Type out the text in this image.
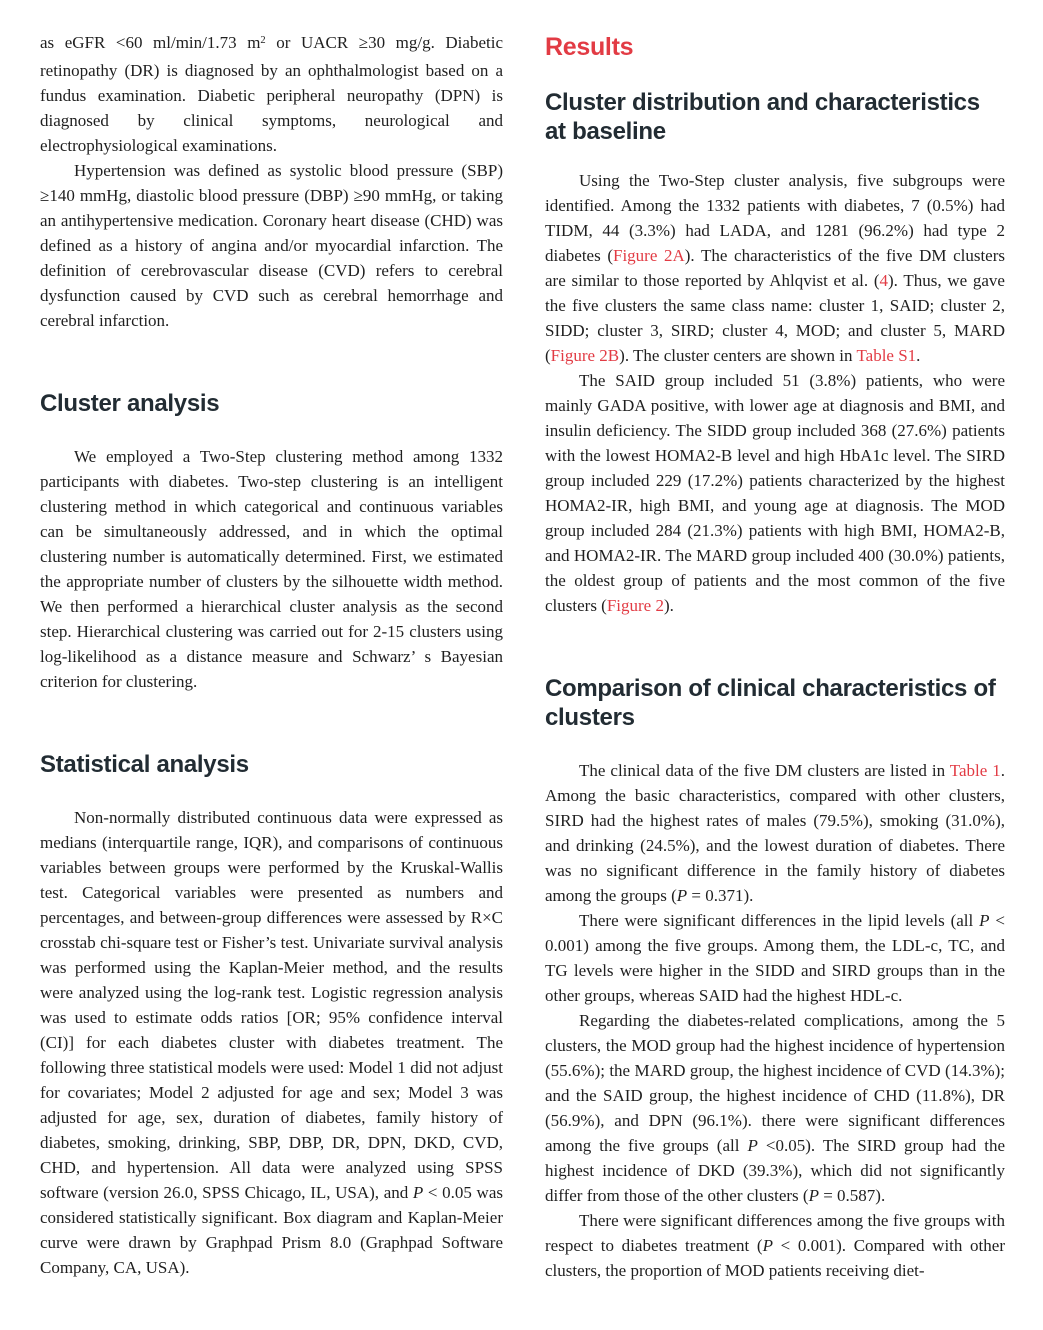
as eGFR <60 ml/min/1.73 $m^2$ or UACR ≥30 mg/g. Diabetic retinopathy (DR) is diagnosed by an ophthalmologist based on a fundus examination. Diabetic peripheral neuropathy (DPN) is diagnosed by clinical symptoms, neurological and electrophysiological examinations.

Hypertension was defined as systolic blood pressure (SBP) ≥140 mmHg, diastolic blood pressure (DBP) ≥90 mmHg, or taking an antihypertensive medication. Coronary heart disease (CHD) was defined as a history of angina and/or myocardial infarction. The definition of cerebrovascular disease (CVD) refers to cerebral dysfunction caused by CVD such as cerebral hemorrhage and cerebral infarction.

Cluster analysis

We employed a Two-Step clustering method among 1332 participants with diabetes. Two-step clustering is an intelligent clustering method in which categorical and continuous variables can be simultaneously addressed, and in which the optimal clustering number is automatically determined. First, we estimated the appropriate number of clusters by the silhouette width method. We then performed a hierarchical cluster analysis as the second step. Hierarchical clustering was carried out for 2-15 clusters using log-likelihood as a distance measure and Schwarz’ s Bayesian criterion for clustering.

Statistical analysis

Non-normally distributed continuous data were expressed as medians (interquartile range, IQR), and comparisons of continuous variables between groups were performed by the Kruskal-Wallis test. Categorical variables were presented as numbers and percentages, and between-group differences were assessed by R×C crosstab chi-square test or Fisher’s test. Univariate survival analysis was performed using the Kaplan-Meier method, and the results were analyzed using the log-rank test. Logistic regression analysis was used to estimate odds ratios [OR; 95% confidence interval (CI)] for each diabetes cluster with diabetes treatment. The following three statistical models were used: Model 1 did not adjust for covariates; Model 2 adjusted for age and sex; Model 3 was adjusted for age, sex, duration of diabetes, family history of diabetes, smoking, drinking, SBP, DBP, DR, DPN, DKD, CVD, CHD, and hypertension. All data were analyzed using SPSS software (version 26.0, SPSS Chicago, IL, USA), and P < 0.05 was considered statistically significant. Box diagram and Kaplan-Meier curve were drawn by Graphpad Prism 8.0 (Graphpad Software Company, CA, USA).

Results
Cluster distribution and characteristics at baseline

Using the Two-Step cluster analysis, five subgroups were identified. Among the 1332 patients with diabetes, 7 (0.5%) had TIDM, 44 (3.3%) had LADA, and 1281 (96.2%) had type 2 diabetes (Figure 2A). The characteristics of the five DM clusters are similar to those reported by Ahlqvist et al. (4). Thus, we gave the five clusters the same class name: cluster 1, SAID; cluster 2, SIDD; cluster 3, SIRD; cluster 4, MOD; and cluster 5, MARD (Figure 2B). The cluster centers are shown in Table S1.

The SAID group included 51 (3.8%) patients, who were mainly GADA positive, with lower age at diagnosis and BMI, and insulin deficiency. The SIDD group included 368 (27.6%) patients with the lowest HOMA2-B level and high HbA1c level. The SIRD group included 229 (17.2%) patients characterized by the highest HOMA2-IR, high BMI, and young age at diagnosis. The MOD group included 284 (21.3%) patients with high BMI, HOMA2-B, and HOMA2-IR. The MARD group included 400 (30.0%) patients, the oldest group of patients and the most common of the five clusters (Figure 2).

Comparison of clinical characteristics of clusters

The clinical data of the five DM clusters are listed in Table 1. Among the basic characteristics, compared with other clusters, SIRD had the highest rates of males (79.5%), smoking (31.0%), and drinking (24.5%), and the lowest duration of diabetes. There was no significant difference in the family history of diabetes among the groups (P = 0.371).

There were significant differences in the lipid levels (all P < 0.001) among the five groups. Among them, the LDL-c, TC, and TG levels were higher in the SIDD and SIRD groups than in the other groups, whereas SAID had the highest HDL-c.

Regarding the diabetes-related complications, among the 5 clusters, the MOD group had the highest incidence of hypertension (55.6%); the MARD group, the highest incidence of CVD (14.3%); and the SAID group, the highest incidence of CHD (11.8%), DR (56.9%), and DPN (96.1%). there were significant differences among the five groups (all P <0.05). The SIRD group had the highest incidence of DKD (39.3%), which did not significantly differ from those of the other clusters (P = 0.587).

There were significant differences among the five groups with respect to diabetes treatment (P < 0.001). Compared with other clusters, the proportion of MOD patients receiving diet-
